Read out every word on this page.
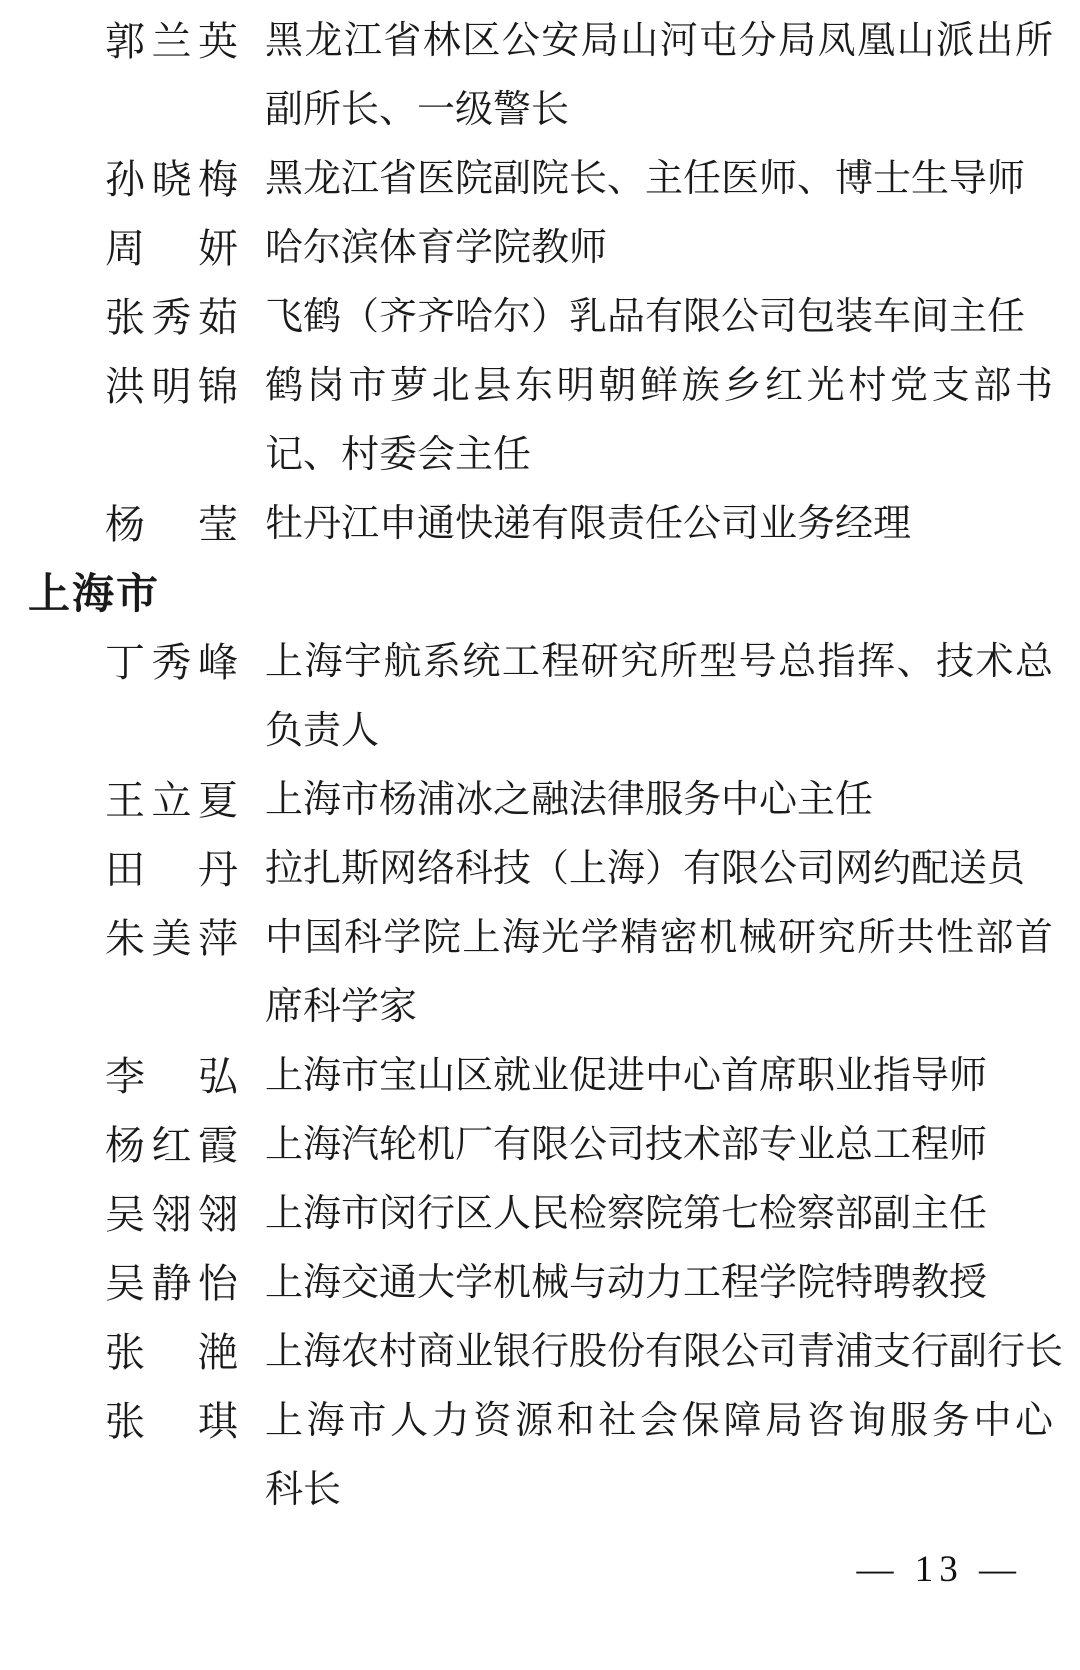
郭兰英 黑龙江省林区公安局山河屯分局凤凰山派出所
副所长、一级警长
孙晓梅 黑龙江省医院副院长、主任医师、博士生导师
周　妍 哈尔滨体育学院教师
张秀茹 飞鹤（齐齐哈尔）乳品有限公司包装车间主任
洪明锦 鹤岗市萝北县东明朝鲜族乡红光村党支部书
记、村委会主任
杨　莹 牡丹江申通快递有限责任公司业务经理
上海市
丁秀峰 上海宇航系统工程研究所型号总指挥、技术总
负责人
王立夏 上海市杨浦冰之融法律服务中心主任
田　丹 拉扎斯网络科技（上海）有限公司网约配送员
朱美萍 中国科学院上海光学精密机械研究所共性部首
席科学家
李　弘 上海市宝山区就业促进中心首席职业指导师
杨红霞 上海汽轮机厂有限公司技术部专业总工程师
吴翎翎 上海市闵行区人民检察院第七检察部副主任
吴静怡 上海交通大学机械与动力工程学院特聘教授
张　滟 上海农村商业银行股份有限公司青浦支行副行长
张　琪 上海市人力资源和社会保障局咨询服务中心
科长
— 13 —
